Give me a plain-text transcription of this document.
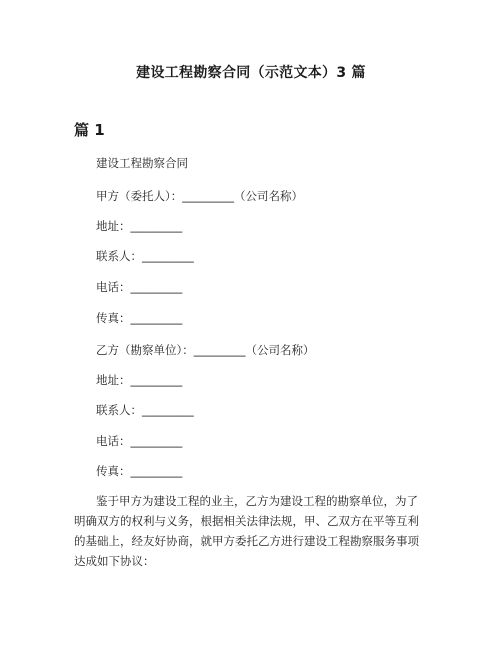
建设工程勘察合同（示范文本）3 篇
篇 1
建设工程勘察合同
甲方（委托人）：_________（公司名称）
地址：_________
联系人：_________
电话：_________
传真：_________
乙方（勘察单位）：_________（公司名称）
地址：_________
联系人：_________
电话：_________
传真：_________
鉴于甲方为建设工程的业主，乙方为建设工程的勘察单位，为了
明确双方的权利与义务，根据相关法律法规，甲、乙双方在平等互利
的基础上，经友好协商，就甲方委托乙方进行建设工程勘察服务事项
达成如下协议：
